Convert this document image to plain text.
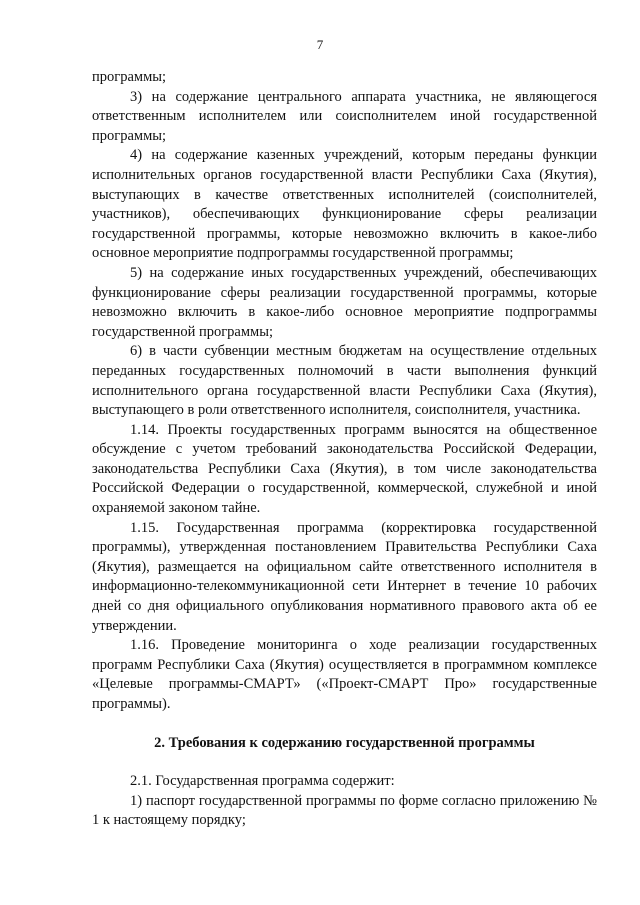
7

программы;

3) на содержание центрального аппарата участника, не являющегося ответственным исполнителем или соисполнителем иной государственной программы;

4) на содержание казенных учреждений, которым переданы функции исполнительных органов государственной власти Республики Саха (Якутия), выступающих в качестве ответственных исполнителей (соисполнителей, участников), обеспечивающих функционирование сферы реализации государственной программы, которые невозможно включить в какое-либо основное мероприятие подпрограммы государственной программы;

5) на содержание иных государственных учреждений, обеспечивающих функционирование сферы реализации государственной программы, которые невозможно включить в какое-либо основное мероприятие подпрограммы государственной программы;

6) в части субвенции местным бюджетам на осуществление отдельных переданных государственных полномочий в части выполнения функций исполнительного органа государственной власти Республики Саха (Якутия), выступающего в роли ответственного исполнителя, соисполнителя, участника.

1.14. Проекты государственных программ выносятся на общественное обсуждение с учетом требований законодательства Российской Федерации, законодательства Республики Саха (Якутия), в том числе законодательства Российской Федерации о государственной, коммерческой, служебной и иной охраняемой законом тайне.

1.15. Государственная программа (корректировка государственной программы), утвержденная постановлением Правительства Республики Саха (Якутия), размещается на официальном сайте ответственного исполнителя в информационно-телекоммуникационной сети Интернет в течение 10 рабочих дней со дня официального опубликования нормативного правового акта об ее утверждении.

1.16. Проведение мониторинга о ходе реализации государственных программ Республики Саха (Якутия) осуществляется в программном комплексе «Целевые программы-СМАРТ» («Проект-СМАРТ Про» государственные программы).

2. Требования к содержанию государственной программы

2.1. Государственная программа содержит:

1) паспорт государственной программы по форме согласно приложению № 1 к настоящему порядку;
